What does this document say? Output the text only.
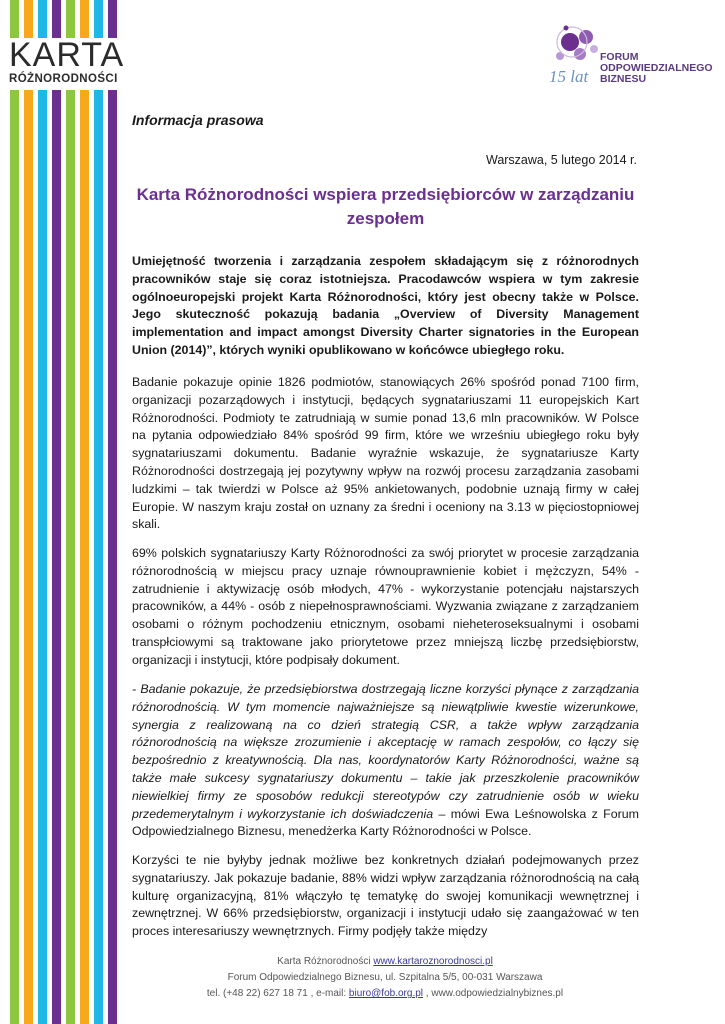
KARTA
RÓŻNORODNOŚCI	15 lat
FORUM
ODPOWIEDZIALNEGO
BIZNESU
Informacja prasowa
Warszawa, 5 lutego 2014 r.
Karta Różnorodności wspiera przedsiębiorców w zarządzaniu zespołem

Umiejętność tworzenia i zarządzania zespołem składającym się z różnorodnych pracowników staje się coraz istotniejsza. Pracodawców wspiera w tym zakresie ogólnoeuropejski projekt Karta Różnorodności, który jest obecny także w Polsce. Jego skuteczność pokazują badania „Overview of Diversity Management implementation and impact amongst Diversity Charter signatories in the European Union (2014)”, których wyniki opublikowano w końcówce ubiegłego roku.

Badanie pokazuje opinie 1826 podmiotów, stanowiących 26% spośród ponad 7100 firm, organizacji pozarządowych i instytucji, będących sygnatariuszami 11 europejskich Kart Różnorodności. Podmioty te zatrudniają w sumie ponad 13,6 mln pracowników. W Polsce na pytania odpowiedziało 84% spośród 99 firm, które we wrześniu ubiegłego roku były sygnatariuszami dokumentu. Badanie wyraźnie wskazuje, że sygnatariusze Karty Różnorodności dostrzegają jej pozytywny wpływ na rozwój procesu zarządzania zasobami ludzkimi – tak twierdzi w Polsce aż 95% ankietowanych, podobnie uznają firmy w całej Europie. W naszym kraju został on uznany za średni i oceniony na 3.13 w pięciostopniowej skali.

69% polskich sygnatariuszy Karty Różnorodności za swój priorytet w procesie zarządzania różnorodnością w miejscu pracy uznaje równouprawnienie kobiet i mężczyzn, 54% - zatrudnienie i aktywizację osób młodych, 47% - wykorzystanie potencjału najstarszych pracowników, a 44% - osób z niepełnosprawnościami. Wyzwania związane z zarządzaniem osobami o różnym pochodzeniu etnicznym, osobami nieheteroseksualnymi i osobami transpłciowymi są traktowane jako priorytetowe przez mniejszą liczbę przedsiębiorstw, organizacji i instytucji, które podpisały dokument.

- Badanie pokazuje, że przedsiębiorstwa dostrzegają liczne korzyści płynące z zarządzania różnorodnością. W tym momencie najważniejsze są niewątpliwie kwestie wizerunkowe, synergia z realizowaną na co dzień strategią CSR, a także wpływ zarządzania różnorodnością na większe zrozumienie i akceptację w ramach zespołów, co łączy się bezpośrednio z kreatywnością. Dla nas, koordynatorów Karty Różnorodności, ważne są także małe sukcesy sygnatariuszy dokumentu – takie jak przeszkolenie pracowników niewielkiej firmy ze sposobów redukcji stereotypów czy zatrudnienie osób w wieku przedemerytalnym i wykorzystanie ich doświadczenia – mówi Ewa Leśnowolska z Forum Odpowiedzialnego Biznesu, menedżerka Karty Różnorodności w Polsce.

Korzyści te nie byłyby jednak możliwe bez konkretnych działań podejmowanych przez sygnatariuszy. Jak pokazuje badanie, 88% widzi wpływ zarządzania różnorodnością na całą kulturę organizacyjną, 81% włączyło tę tematykę do swojej komunikacji wewnętrznej i zewnętrznej. W 66% przedsiębiorstw, organizacji i instytucji udało się zaangażować w ten proces interesariuszy wewnętrznych. Firmy podjęły także między

Karta Różnorodności www.kartaroznorodnosci.pl
Forum Odpowiedzialnego Biznesu, ul. Szpitalna 5/5, 00-031 Warszawa
tel. (+48 22) 627 18 71 , e-mail: biuro@fob.org.pl , www.odpowiedzialnybiznes.pl
